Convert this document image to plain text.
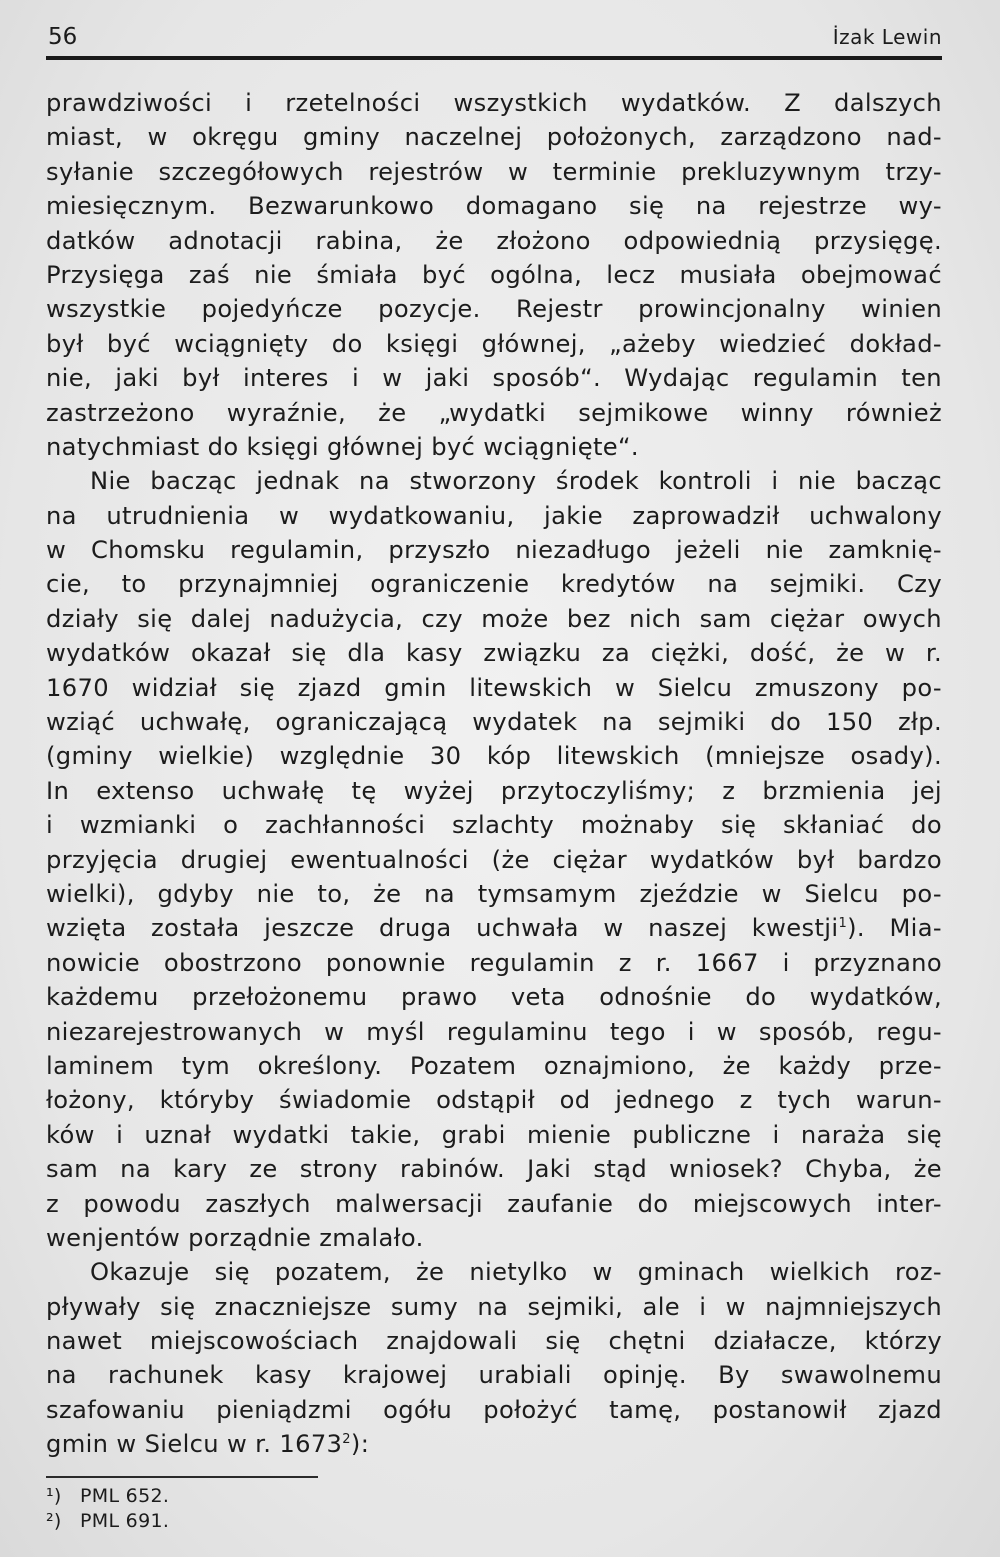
56	İzak Lewin
prawdziwości i rzetelności wszystkich wydatków. Z dalszych
miast, w okręgu gminy naczelnej położonych, zarządzono nad-
syłanie szczegółowych rejestrów w terminie prekluzywnym trzy-
miesięcznym. Bezwarunkowo domagano się na rejestrze wy-
datków adnotacji rabina, że złożono odpowiednią przysięgę.
Przysięga zaś nie śmiała być ogólna, lecz musiała obejmować
wszystkie pojedyńcze pozycje. Rejestr prowincjonalny winien
był być wciągnięty do księgi głównej, „ażeby wiedzieć dokład-
nie, jaki był interes i w jaki sposób“. Wydając regulamin ten
zastrzeżono wyraźnie, że „wydatki sejmikowe winny również
natychmiast do księgi głównej być wciągnięte“.
Nie bacząc jednak na stworzony środek kontroli i nie bacząc
na utrudnienia w wydatkowaniu, jakie zaprowadził uchwalony
w Chomsku regulamin, przyszło niezadługo jeżeli nie zamknię-
cie, to przynajmniej ograniczenie kredytów na sejmiki. Czy
działy się dalej nadużycia, czy może bez nich sam ciężar owych
wydatków okazał się dla kasy związku za ciężki, dość, że w r.
1670 widział się zjazd gmin litewskich w Sielcu zmuszony po-
wziąć uchwałę, ograniczającą wydatek na sejmiki do 150 złp.
(gminy wielkie) względnie 30 kóp litewskich (mniejsze osady).
In extenso uchwałę tę wyżej przytoczyliśmy; z brzmienia jej
i wzmianki o zachłanności szlachty możnaby się skłaniać do
przyjęcia drugiej ewentualności (że ciężar wydatków był bardzo
wielki), gdyby nie to, że na tymsamym zjeździe w Sielcu po-
wzięta została jeszcze druga uchwała w naszej kwestji$^1$). Mia-
nowicie obostrzono ponownie regulamin z r. 1667 i przyznano
każdemu przełożonemu prawo veta odnośnie do wydatków,
niezarejestrowanych w myśl regulaminu tego i w sposób, regu-
laminem tym określony. Pozatem oznajmiono, że każdy prze-
łożony, któryby świadomie odstąpił od jednego z tych warun-
ków i uznał wydatki takie, grabi mienie publiczne i naraża się
sam na kary ze strony rabinów. Jaki stąd wniosek? Chyba, że
z powodu zaszłych malwersacji zaufanie do miejscowych inter-
wenjentów porządnie zmalało.
Okazuje się pozatem, że nietylko w gminach wielkich roz-
pływały się znaczniejsze sumy na sejmiki, ale i w najmniejszych
nawet miejscowościach znajdowali się chętni działacze, którzy
na rachunek kasy krajowej urabiali opinję. By swawolnemu
szafowaniu pieniądzmi ogółu położyć tamę, postanowił zjazd
gmin w Sielcu w r. 1673$^2$):
¹) PML 652.
²) PML 691.
